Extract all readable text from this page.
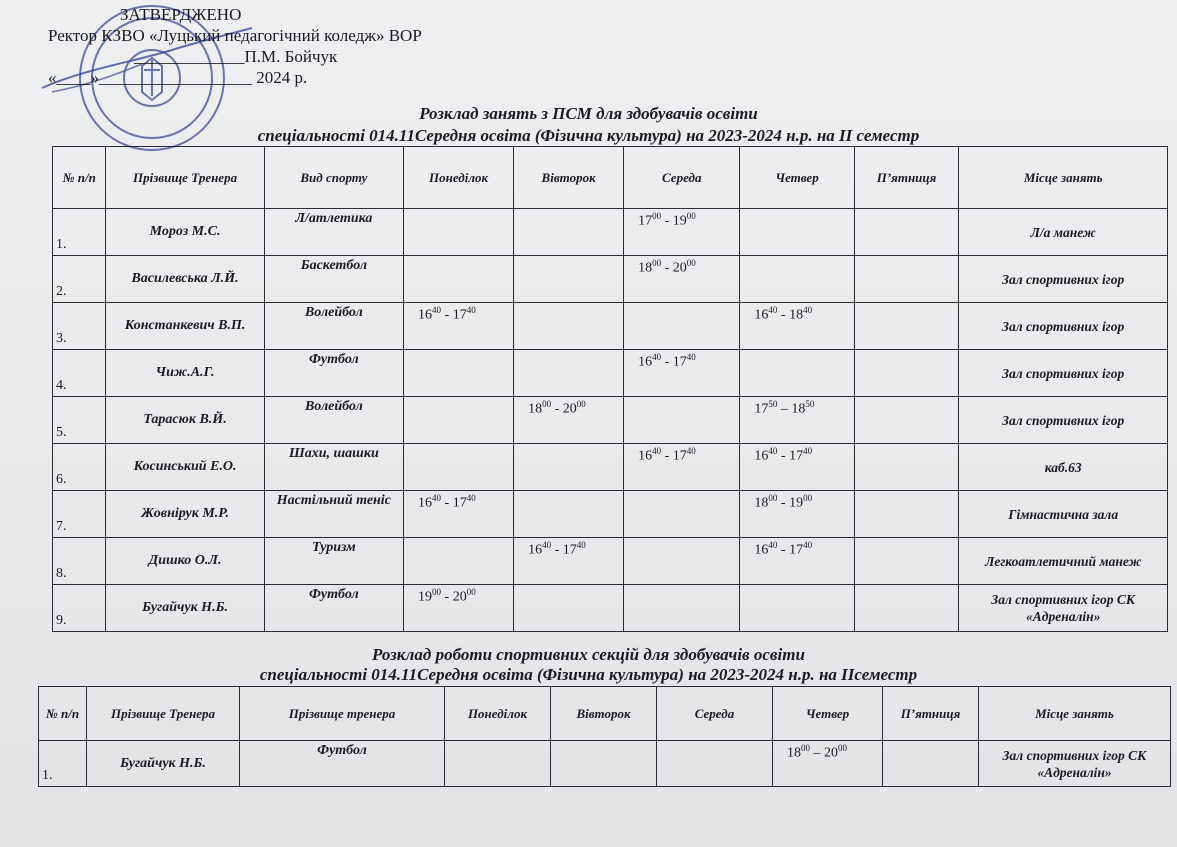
ЗАТВЕРДЖЕНО
Ректор КЗВО «Луцький педагогічний коледж» ВОР
_____________П.М. Бойчук
«____»__________________ 2024 р.
Розклад занять з ПСМ для здобувачів освіти
спеціальності 014.11Середня освіта (Фізична культура) на 2023-2024 н.р. на ІІ семестр
№ п/п	Прізвище Тренера	Вид спорту	Понеділок	Вівторок	Середа	Четвер	П’ятниця	Місце занять
1.	Мороз М.С.	Л/атлетика			$17^{00} - 19^{00}$			Л/а манеж
2.	Василевська Л.Й.	Баскетбол			$18^{00} - 20^{00}$			Зал спортивних ігор
3.	Констанкевич В.П.	Волейбол	$16^{40} - 17^{40}$			$16^{40} - 18^{40}$		Зал спортивних ігор
4.	Чиж.А.Г.	Футбол			$16^{40} - 17^{40}$			Зал спортивних ігор
5.	Тарасюк В.Й.	Волейбол		$18^{00} - 20^{00}$		$17^{50} - 18^{50}$		Зал спортивних ігор
6.	Косинський Е.О.	Шахи, шашки			$16^{40} - 17^{40}$	$16^{40} - 17^{40}$		каб.63
7.	Жовнірук М.Р.	Настільний теніс	$16^{40} - 17^{40}$			$18^{00} - 19^{00}$		Гімнастична зала
8.	Дишко О.Л.	Туризм		$16^{40} - 17^{40}$		$16^{40} - 17^{40}$		Легкоатлетичний манеж
9.	Бугайчук Н.Б.	Футбол	$19^{00} - 20^{00}$					Зал спортивних ігор СК «Адреналін»
Розклад роботи спортивних секцій для здобувачів освіти
спеціальності 014.11Середня освіта (Фізична культура) на 2023-2024 н.р. на ІІсеместр
№ п/п	Прізвище Тренера	Прізвище тренера	Понеділок	Вівторок	Середа	Четвер	П’ятниця	Місце занять
1.	Бугайчук Н.Б.	Футбол				$18^{00} - 20^{00}$		Зал спортивних ігор СК «Адреналін»
